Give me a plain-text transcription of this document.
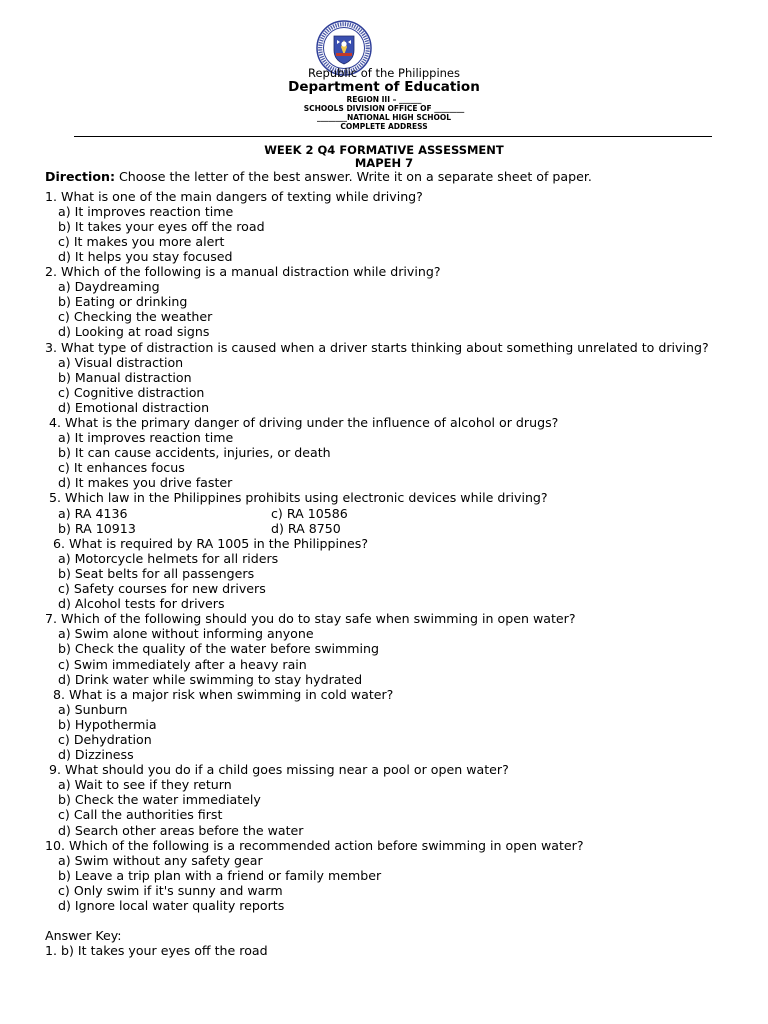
Republic of the Philippines
Department of Education
REGION III – ______
SCHOOLS DIVISION OFFICE OF ________
________NATIONAL HIGH SCHOOL
COMPLETE ADDRESS
WEEK 2 Q4 FORMATIVE ASSESSMENT
MAPEH 7
Direction: Choose the letter of the best answer. Write it on a separate sheet of paper.
1. What is one of the main dangers of texting while driving?
a) It improves reaction time
b) It takes your eyes off the road
c) It makes you more alert
d) It helps you stay focused
2. Which of the following is a manual distraction while driving?
a) Daydreaming
b) Eating or drinking
c) Checking the weather
d) Looking at road signs
3. What type of distraction is caused when a driver starts thinking about something unrelated to driving?
a) Visual distraction
b) Manual distraction
c) Cognitive distraction
d) Emotional distraction
4. What is the primary danger of driving under the influence of alcohol or drugs?
a) It improves reaction time
b) It can cause accidents, injuries, or death
c) It enhances focus
d) It makes you drive faster
5. Which law in the Philippines prohibits using electronic devices while driving?
a) RA 4136	c) RA 10586
b) RA 10913	d) RA 8750
6. What is required by RA 1005 in the Philippines?
a) Motorcycle helmets for all riders
b) Seat belts for all passengers
c) Safety courses for new drivers
d) Alcohol tests for drivers
7. Which of the following should you do to stay safe when swimming in open water?
a) Swim alone without informing anyone
b) Check the quality of the water before swimming
c) Swim immediately after a heavy rain
d) Drink water while swimming to stay hydrated
8. What is a major risk when swimming in cold water?
a) Sunburn
b) Hypothermia
c) Dehydration
d) Dizziness
9. What should you do if a child goes missing near a pool or open water?
a) Wait to see if they return
b) Check the water immediately
c) Call the authorities first
d) Search other areas before the water
10. Which of the following is a recommended action before swimming in open water?
a) Swim without any safety gear
b) Leave a trip plan with a friend or family member
c) Only swim if it's sunny and warm
d) Ignore local water quality reports
Answer Key:
1. b) It takes your eyes off the road
